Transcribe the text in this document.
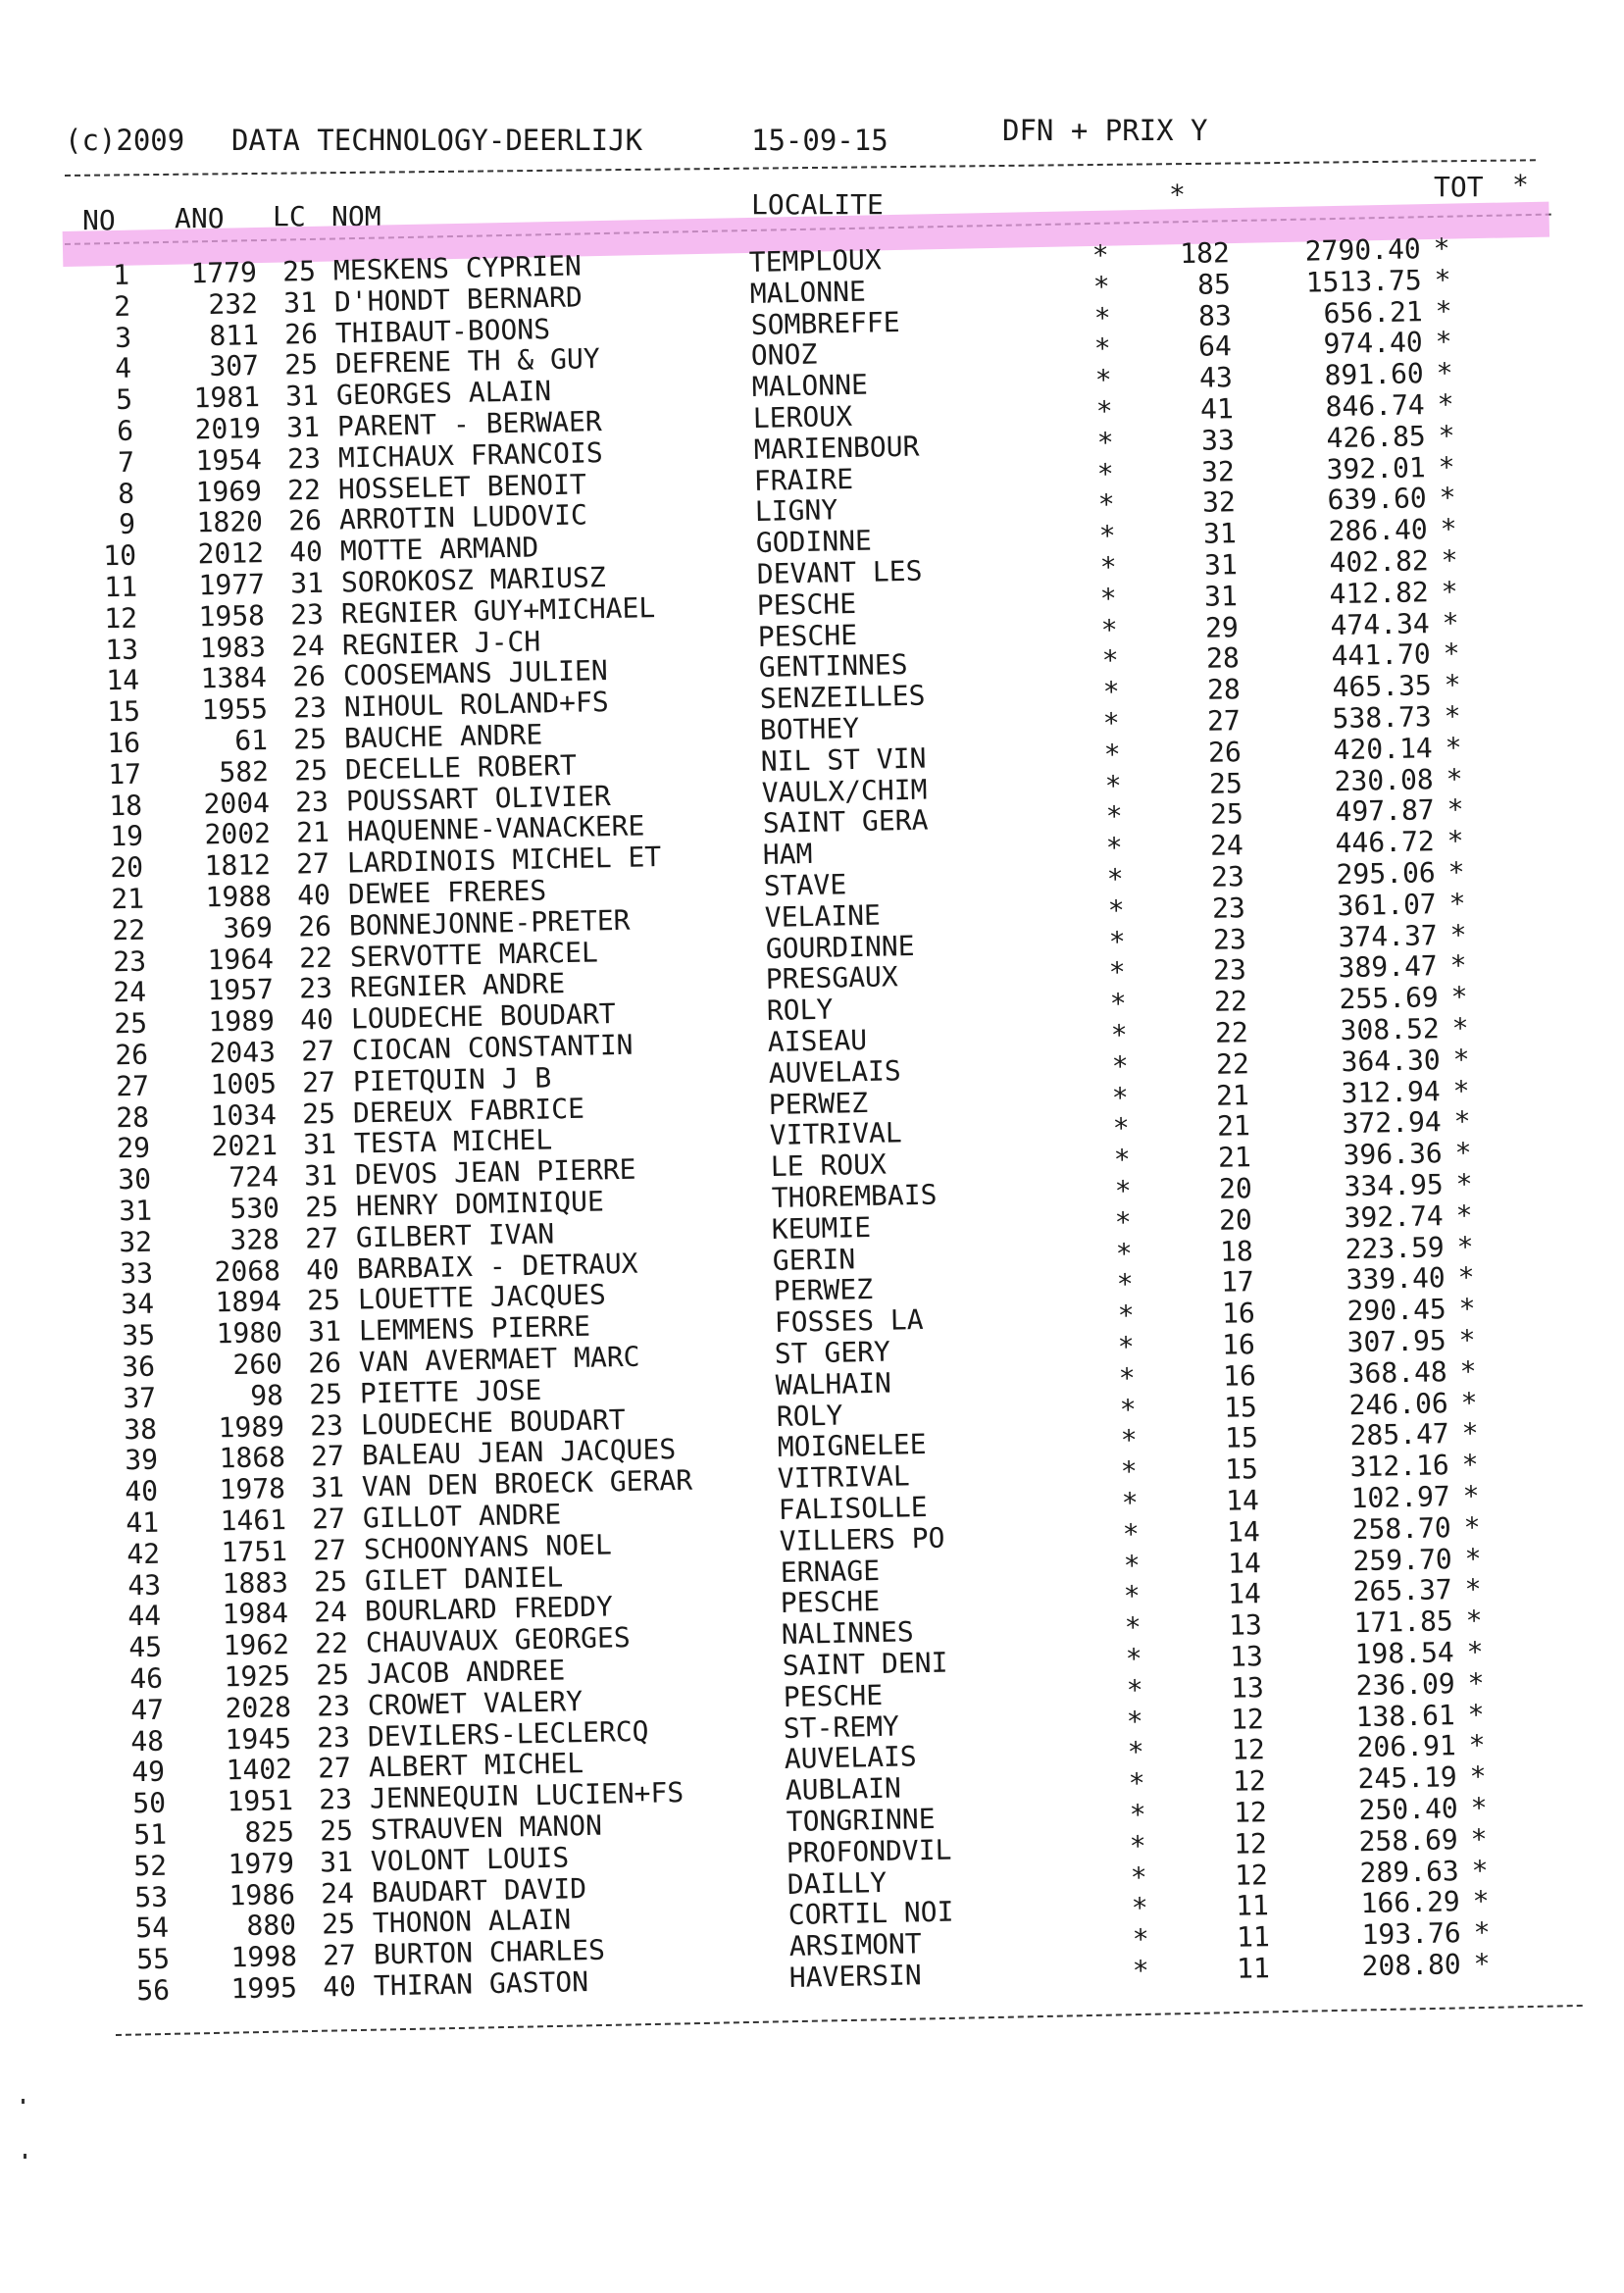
(c)2009

DATA TECHNOLOGY-DEERLIJK

	15-09-15

	DFN + PRIX Y

NO ANO LC NOM	LOCALITE	*	TOT *
1	1779 25 MESKENS CYPRIEN	TEMPLOUX	*	182	2790.40 *
2	232 31 D'HONDT BERNARD	MALONNE	*	85	1513.75 *
3	811 26 THIBAUT-BOONS	SOMBREFFE	*	83	656.21 *
4	307 25 DEFRENE TH & GUY	ONOZ	*	64	974.40 *
5	1981 31 GEORGES ALAIN	MALONNE	*	43	891.60 *
6	2019 31 PARENT - BERWAER	LEROUX	*	41	846.74 *
7	1954 23 MICHAUX FRANCOIS	MARIENBOUR	*	33	426.85 *
8	1969 22 HOSSELET BENOIT	FRAIRE	*	32	392.01 *
9	1820 26 ARROTIN LUDOVIC	LIGNY	*	32	639.60 *
10	2012 40 MOTTE ARMAND	GODINNE	*	31	286.40 *
11	1977 31 SOROKOSZ MARIUSZ	DEVANT LES	*	31	402.82 *
12	1958 23 REGNIER GUY+MICHAEL	PESCHE	*	31	412.82 *
13	1983 24 REGNIER J-CH	PESCHE	*	29	474.34 *
14	1384 26 COOSEMANS JULIEN	GENTINNES	*	28	441.70 *
15	1955 23 NIHOUL ROLAND+FS	SENZEILLES	*	28	465.35 *
16	61 25 BAUCHE ANDRE	BOTHEY	*	27	538.73 *
17	582 25 DECELLE ROBERT	NIL ST VIN	*	26	420.14 *
18	2004 23 POUSSART OLIVIER	VAULX/CHIM	*	25	230.08 *
19	2002 21 HAQUENNE-VANACKERE	SAINT GERA	*	25	497.87 *
20	1812 27 LARDINOIS MICHEL ET	HAM	*	24	446.72 *
21	1988 40 DEWEE FRERES	STAVE	*	23	295.06 *
22	369 26 BONNEJONNE-PRETER	VELAINE	*	23	361.07 *
23	1964 22 SERVOTTE MARCEL	GOURDINNE	*	23	374.37 *
24	1957 23 REGNIER ANDRE	PRESGAUX	*	23	389.47 *
25	1989 40 LOUDECHE BOUDART	ROLY	*	22	255.69 *
26	2043 27 CIOCAN CONSTANTIN	AISEAU	*	22	308.52 *
27	1005 27 PIETQUIN J B	AUVELAIS	*	22	364.30 *
28	1034 25 DEREUX FABRICE	PERWEZ	*	21	312.94 *
29	2021 31 TESTA MICHEL	VITRIVAL	*	21	372.94 *
30	724 31 DEVOS JEAN PIERRE	LE ROUX	*	21	396.36 *
31	530 25 HENRY DOMINIQUE	THOREMBAIS	*	20	334.95 *
32	328 27 GILBERT IVAN	KEUMIE	*	20	392.74 *
33	2068 40 BARBAIX - DETRAUX	GERIN	*	18	223.59 *
34	1894 25 LOUETTE JACQUES	PERWEZ	*	17	339.40 *
35	1980 31 LEMMENS PIERRE	FOSSES LA	*	16	290.45 *
36	260 26 VAN AVERMAET MARC	ST GERY	*	16	307.95 *
37	98 25 PIETTE JOSE	WALHAIN	*	16	368.48 *
38	1989 23 LOUDECHE BOUDART	ROLY	*	15	246.06 *
39	1868 27 BALEAU JEAN JACQUES	MOIGNELEE	*	15	285.47 *
40	1978 31 VAN DEN BROECK GERAR	VITRIVAL	*	15	312.16 *
41	1461 27 GILLOT ANDRE	FALISOLLE	*	14	102.97 *
42	1751 27 SCHOONYANS NOEL	VILLERS PO	*	14	258.70 *
43	1883 25 GILET DANIEL	ERNAGE	*	14	259.70 *
44	1984 24 BOURLARD FREDDY	PESCHE	*	14	265.37 *
45	1962 22 CHAUVAUX GEORGES	NALINNES	*	13	171.85 *
46	1925 25 JACOB ANDREE	SAINT DENI	*	13	198.54 *
47	2028 23 CROWET VALERY	PESCHE	*	13	236.09 *
48	1945 23 DEVILERS-LECLERCQ	ST-REMY	*	12	138.61 *
49	1402 27 ALBERT MICHEL	AUVELAIS	*	12	206.91 *
50	1951 23 JENNEQUIN LUCIEN+FS	AUBLAIN	*	12	245.19 *
51	825 25 STRAUVEN MANON	TONGRINNE	*	12	250.40 *
52	1979 31 VOLONT LOUIS	PROFONDVIL	*	12	258.69 *
53	1986 24 BAUDART DAVID	DAILLY	*	12	289.63 *
54	880 25 THONON ALAIN	CORTIL NOI	*	11	166.29 *
55	1998 27 BURTON CHARLES	ARSIMONT	*	11	193.76 *
56	1995 40 THIRAN GASTON	HAVERSIN	*	11	208.80 *
